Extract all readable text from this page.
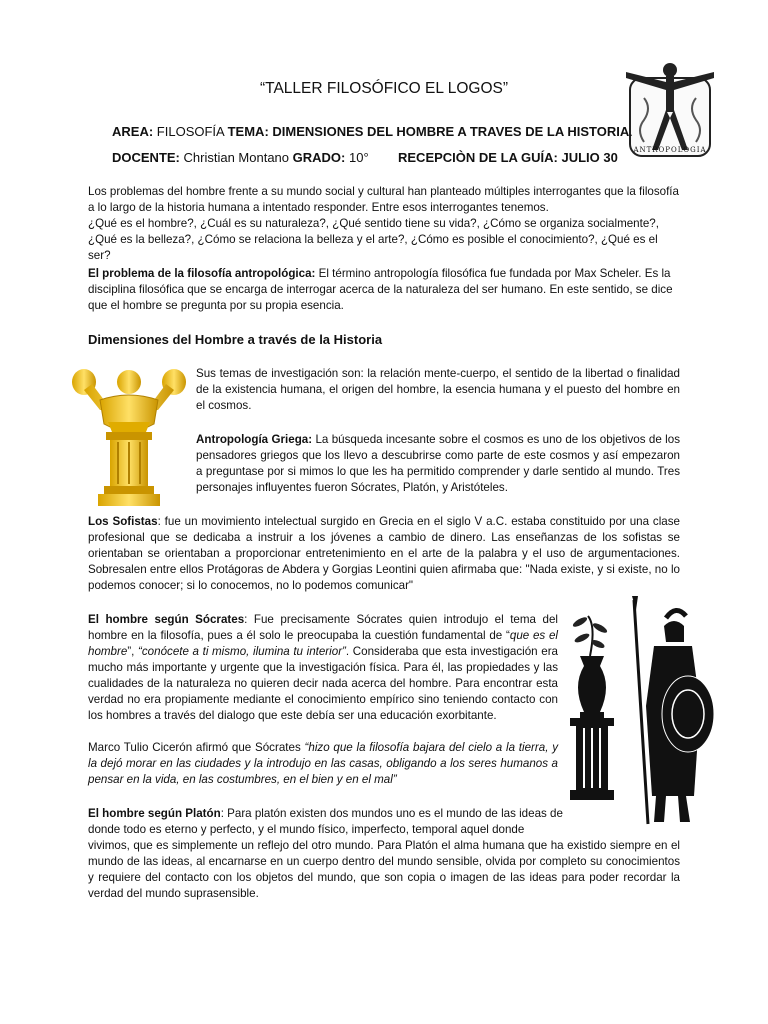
“TALLER FILOSÓFICO EL LOGOS”
ANTROPOLOGIA
AREA: FILOSOFÍA TEMA: DIMENSIONES DEL HOMBRE A TRAVES DE LA HISTORIA.
DOCENTE: Christian Montano GRADO: 10° RECEPCIÒN DE LA GUÍA: JULIO 30
Los problemas del hombre frente a su mundo social y cultural han planteado múltiples interrogantes que la filosofía a lo largo de la historia humana a intentado responder. Entre esos interrogantes tenemos.
¿Qué es el hombre?, ¿Cuál es su naturaleza?, ¿Qué sentido tiene su vida?, ¿Cómo se organiza socialmente?, ¿Qué es la belleza?, ¿Cómo se relaciona la belleza y el arte?, ¿Cómo es posible el conocimiento?, ¿Qué es el ser?
El problema de la filosofía antropológica: El término antropología filosófica fue fundada por Max Scheler. Es la disciplina filosófica que se encarga de interrogar acerca de la naturaleza del ser humano. En este sentido, se dice que el hombre se pregunta por su propia esencia.
Dimensiones del Hombre a través de la Historia
Sus temas de investigación son: la relación mente-cuerpo, el sentido de la libertad o finalidad de la existencia humana, el origen del hombre, la esencia humana y el puesto del hombre en el cosmos.
Antropología Griega: La búsqueda incesante sobre el cosmos es uno de los objetivos de los pensadores griegos que los llevo a descubrirse como parte de este cosmos y así empezaron a preguntase por si mimos lo que les ha permitido comprender y darle sentido al mundo. Tres personajes influyentes fueron Sócrates, Platón, y Aristóteles.
Los Sofistas: fue un movimiento intelectual surgido en Grecia en el siglo V a.C. estaba constituido por una clase profesional que se dedicaba a instruir a los jóvenes a cambio de dinero. Las enseñanzas de los sofistas se orientaban se orientaban a proporcionar entretenimiento en el arte de la palabra y el uso de argumentaciones. Sobresalen entre ellos Protágoras de Abdera y Gorgias Leontini quien afirmaba que: "Nada existe, y si existe, no lo podemos conocer; si lo conocemos, no lo podemos comunicar"
El hombre según Sócrates: Fue precisamente Sócrates quien introdujo el tema del hombre en la filosofía, pues a él solo le preocupaba la cuestión fundamental de “que es el hombre”, “conócete a ti mismo, ilumina tu interior”. Consideraba que esta investigación era mucho más importante y urgente que la investigación física. Para él, las propiedades y las cualidades de la naturaleza no quieren decir nada acerca del hombre. Para encontrar esta verdad no era propiamente mediante el conocimiento empírico sino teniendo contacto con los hombres a través del dialogo que este debía ser una educación exorbitante.
Marco Tulio Cicerón afirmó que Sócrates “hizo que la filosofía bajara del cielo a la tierra, y la dejó morar en las ciudades y la introdujo en las casas, obligando a los seres humanos a pensar en la vida, en las costumbres, en el bien y en el mal”
El hombre según Platón: Para platón existen dos mundos uno es el mundo de las ideas de
donde todo es eterno y perfecto, y el mundo físico, imperfecto, temporal aquel donde
vivimos, que es simplemente un reflejo del otro mundo. Para Platón el alma humana que ha existido siempre en el mundo de las ideas, al encarnarse en un cuerpo dentro del mundo sensible, olvida por completo su conocimientos y requiere del contacto con los objetos del mundo, que son copia o imagen de las ideas para poder recordar la verdad del mundo suprasensible.
